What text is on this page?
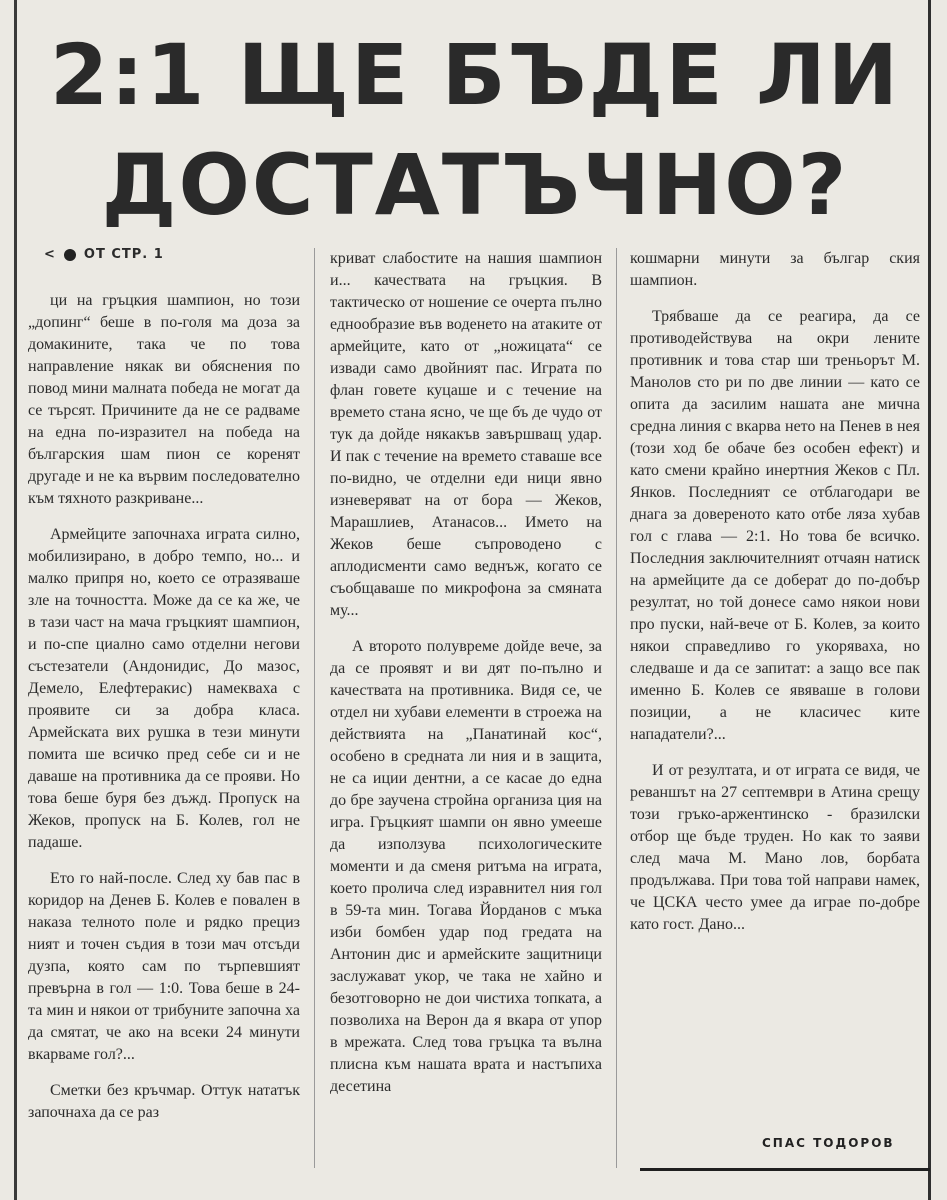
2:1 ЩЕ БЪДЕ ЛИ
ДОСТАТЪЧНО?
< ОТ СТР. 1

ци на гръцкия шампион, но този „допинг“ беше в по-голя ма доза за домакините, така че по това направление някак ви обяснения по повод мини малната победа не могат да се търсят. Причините да не се радваме на една по-изразител на победа на българския шам пион се коренят другаде и не ка вървим последователно към тяхното разкриване...

Армейците започнаха играта силно, мобилизирано, в добро темпо, но... и малко припря но, което се отразяваше зле на точността. Може да се ка же, че в тази част на мача гръцкият шампион, и по-спе циално само отделни негови състезатели (Андонидис, До мазос, Демело, Елефтеракис) намекваха с проявите си за добра класа. Армейската вих рушка в тези минути помита ше всичко пред себе си и не даваше на противника да се прояви. Но това беше буря без дъжд. Пропуск на Жеков, пропуск на Б. Колев, гол не падаше.

Ето го най-после. След ху бав пас в коридор на Денев Б. Колев е повален в наказа телното поле и рядко прециз ният и точен съдия в този мач отсъди дузпа, която сам по търпевшият превърна в гол — 1:0. Това беше в 24-та мин и някои от трибуните започна ха да смятат, че ако на всеки 24 минути вкарваме гол?...

Сметки без кръчмар. Оттук нататък започнаха да се раз

криват слабостите на нашия шампион и... качествата на гръцкия. В тактическо от ношение се очерта пълно еднообразие във воденето на атаките от армейците, като от „ножицата“ се извади само двойният пас. Играта по флан говете куцаше и с течение на времето стана ясно, че ще бъ де чудо от тук да дойде някакъв завършващ удар. И пак с течение на времето ставаше все по-видно, че отделни еди ници явно изневеряват на от бора — Жеков, Марашлиев, Атанасов... Името на Жеков беше съпроводено с аплодисменти само веднъж, когато се съобщаваше по микрофона за смяната му...

А второто полувреме дойде вече, за да се проявят и ви дят по-пълно и качествата на противника. Видя се, че отдел ни хубави елементи в строежа на действията на „Панатинай кос“, особено в средната ли ния и в защита, не са иции дентни, а се касае до една до бре заучена стройна организа ция на игра. Гръцкият шампи он явно умееше да използува психологическите моменти и да сменя ритъма на играта, което пролича след изравнител ния гол в 59-та мин. Тогава Йорданов с мъка изби бомбен удар под гредата на Антонин дис и армейските защитници заслужават укор, че така не хайно и безотговорно не дои чистиха топката, а позволиха на Верон да я вкара от упор в мрежата. След това гръцка та вълна плисна към нашата врата и настъпиха десетина

кошмарни минути за българ ския шампион.

Трябваше да се реагира, да се противодействува на окри лените противник и това стар ши треньорът М. Манолов сто ри по две линии — като се опита да засилим нашата ане мична средна линия с вкарва нето на Пенев в нея (този ход бе обаче без особен ефект) и като смени крайно инертния Жеков с Пл. Янков. Последният се отблагодари ве днага за довереното като отбе ляза хубав гол с глава — 2:1. Но това бе всичко. Последния заключителният отчаян натиск на армейците да се доберат до по-добър резултат, но той донесе само някои нови про пуски, най-вече от Б. Колев, за които някои справедливо го укоряваха, но следваше и да се запитат: а защо все пак именно Б. Колев се явяваше в голови позиции, а не класичес ките нападатели?...

И от резултата, и от играта се видя, че реваншът на 27 септември в Атина срещу този гръко-аржентинско - бразилски отбор ще бъде труден. Но как то заяви след мача М. Мано лов, борбата продължава. При това той направи намек, че ЦСКА често умее да играе по-добре като гост. Дано...

СПАС ТОДОРОВ
